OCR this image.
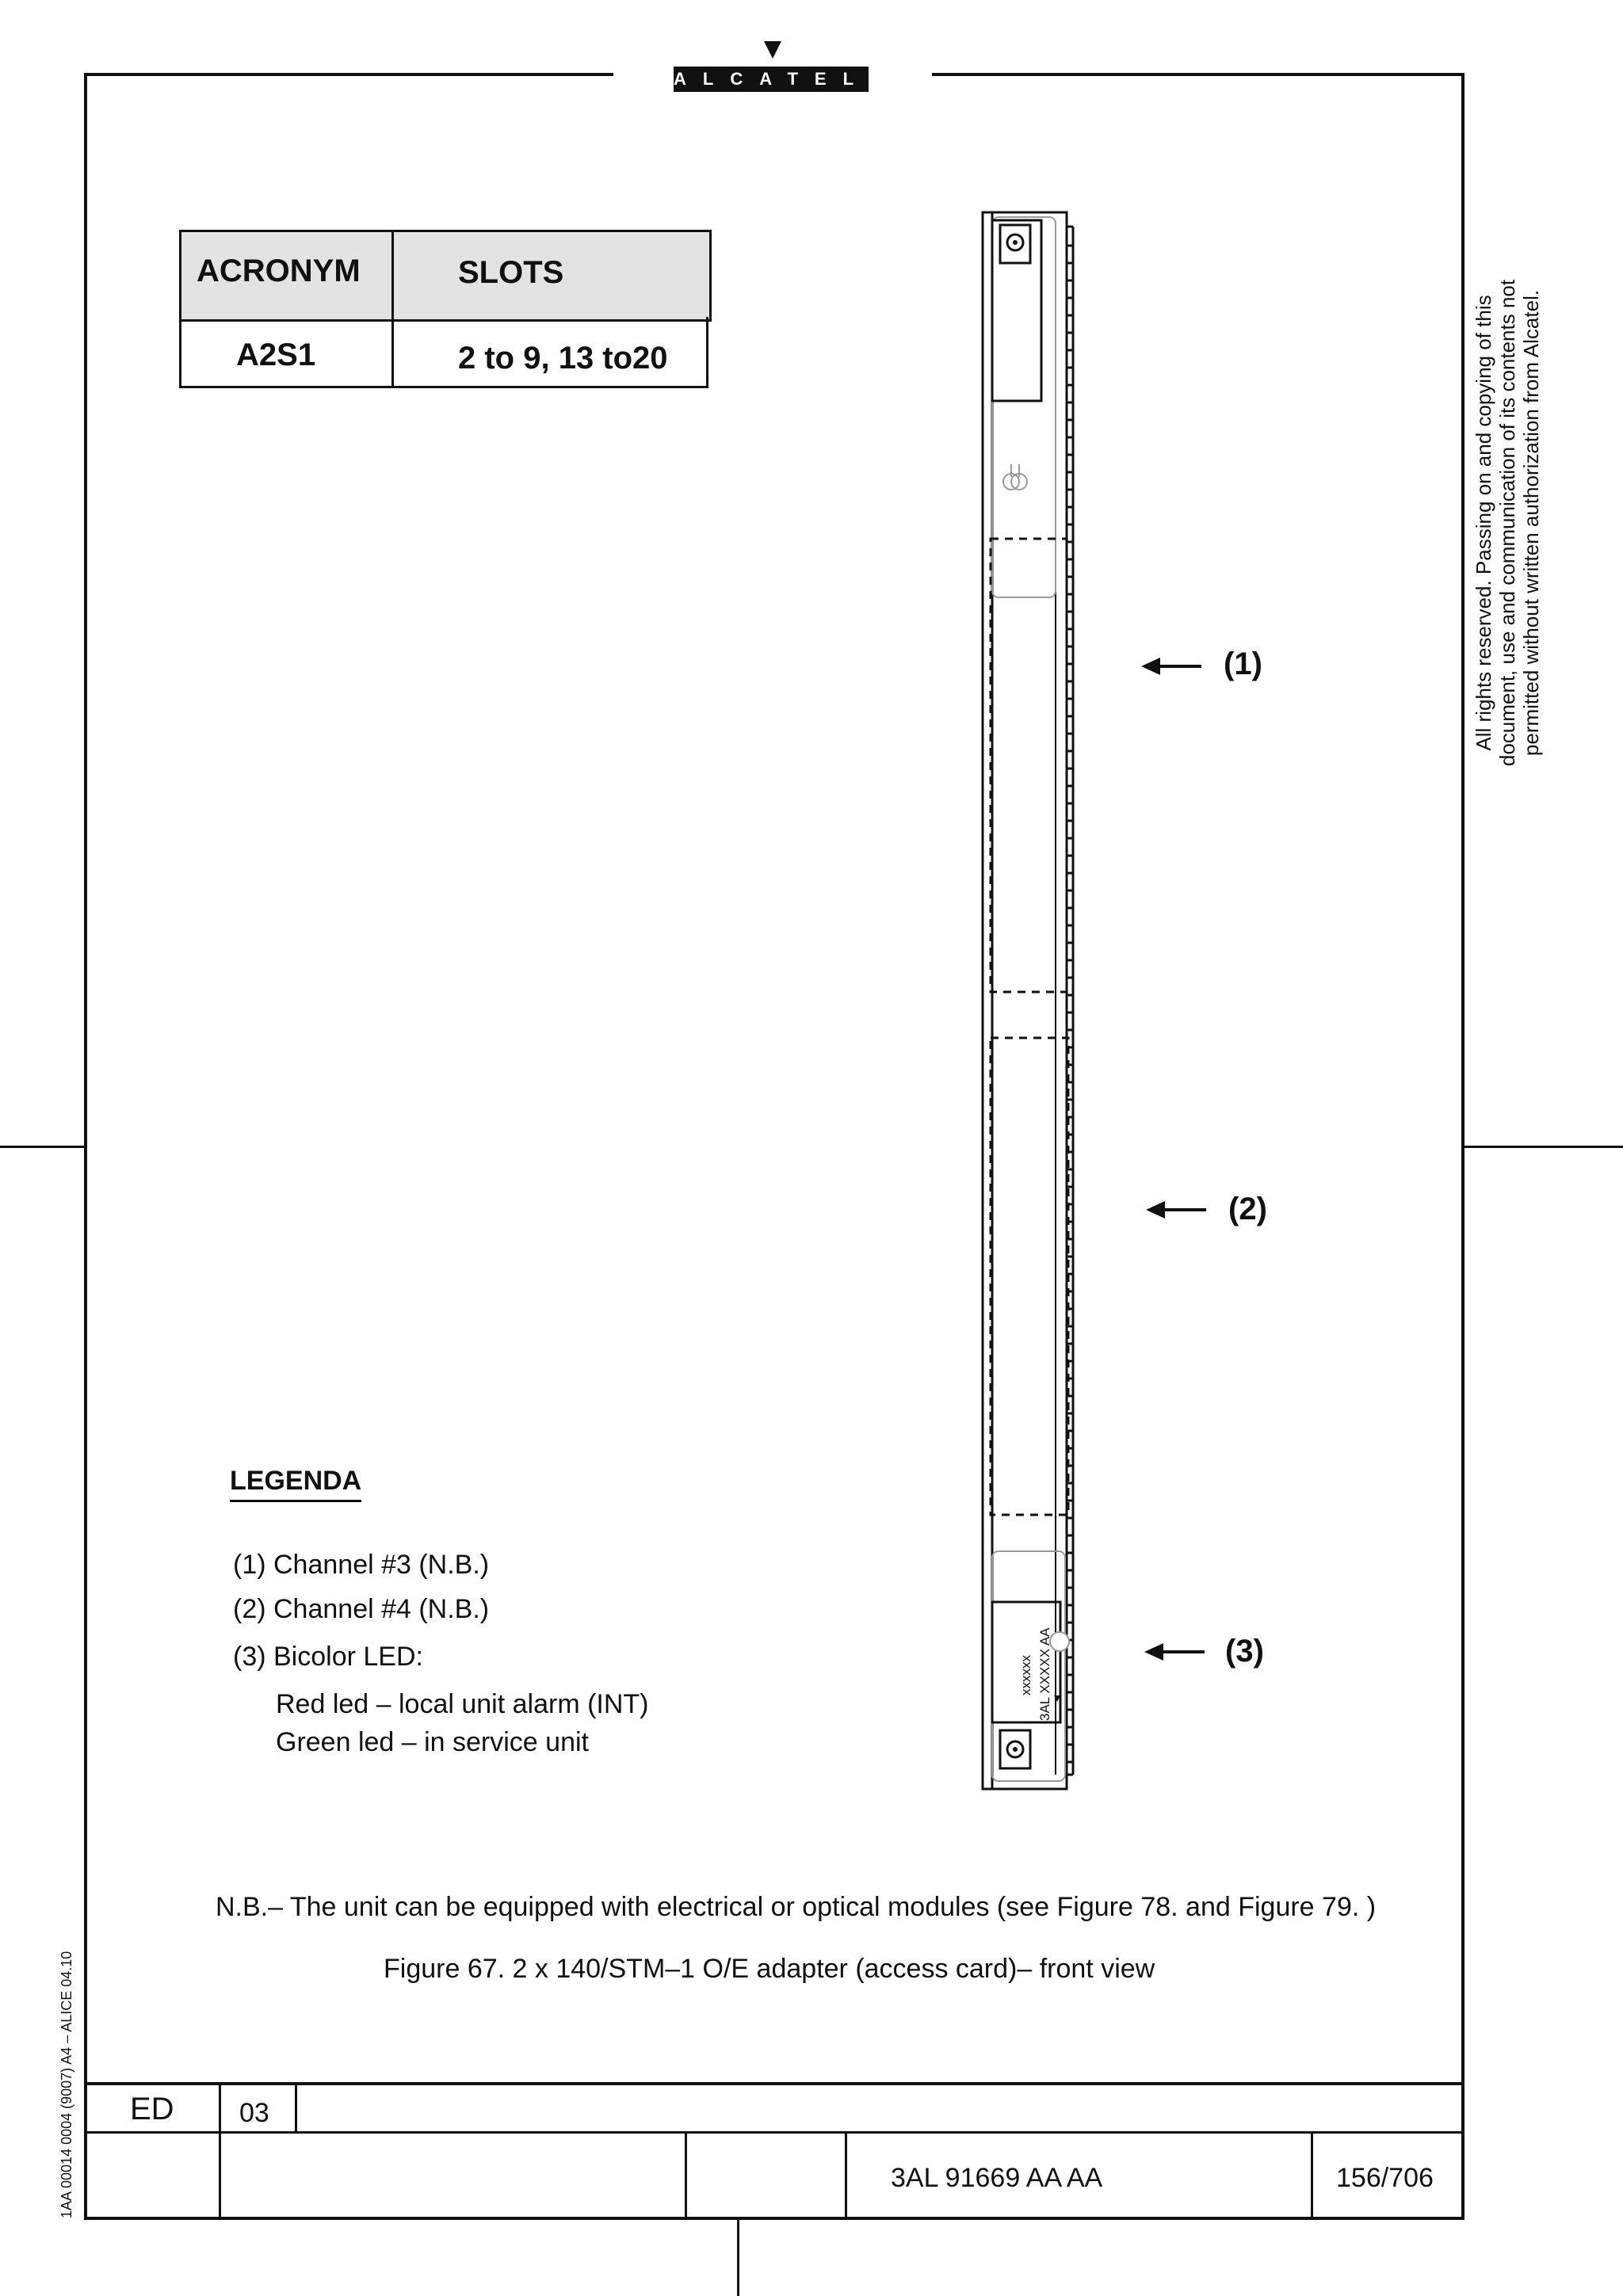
ALCATEL
ACRONYM	SLOTS
A2S1	2 to 9, 13 to20
xxxxxx 3AL XXXXX AA
(1)
(2)
(3)
LEGENDA
(1) Channel #3 (N.B.)
(2) Channel #4 (N.B.)
(3) Bicolor LED:
Red led – local unit alarm (INT)
Green led – in service unit
N.B.– The unit can be equipped with electrical or optical modules (see Figure 78. and Figure 79. )
Figure 67. 2 x 140/STM–1 O/E adapter (access card)– front view
All rights reserved. Passing on and copying of this document, use and communication of its contents not permitted without written authorization from Alcatel.
1AA 00014 0004 (9007) A4 – ALICE 04.10 ED 03
3AL 91669 AA AA	156/706
